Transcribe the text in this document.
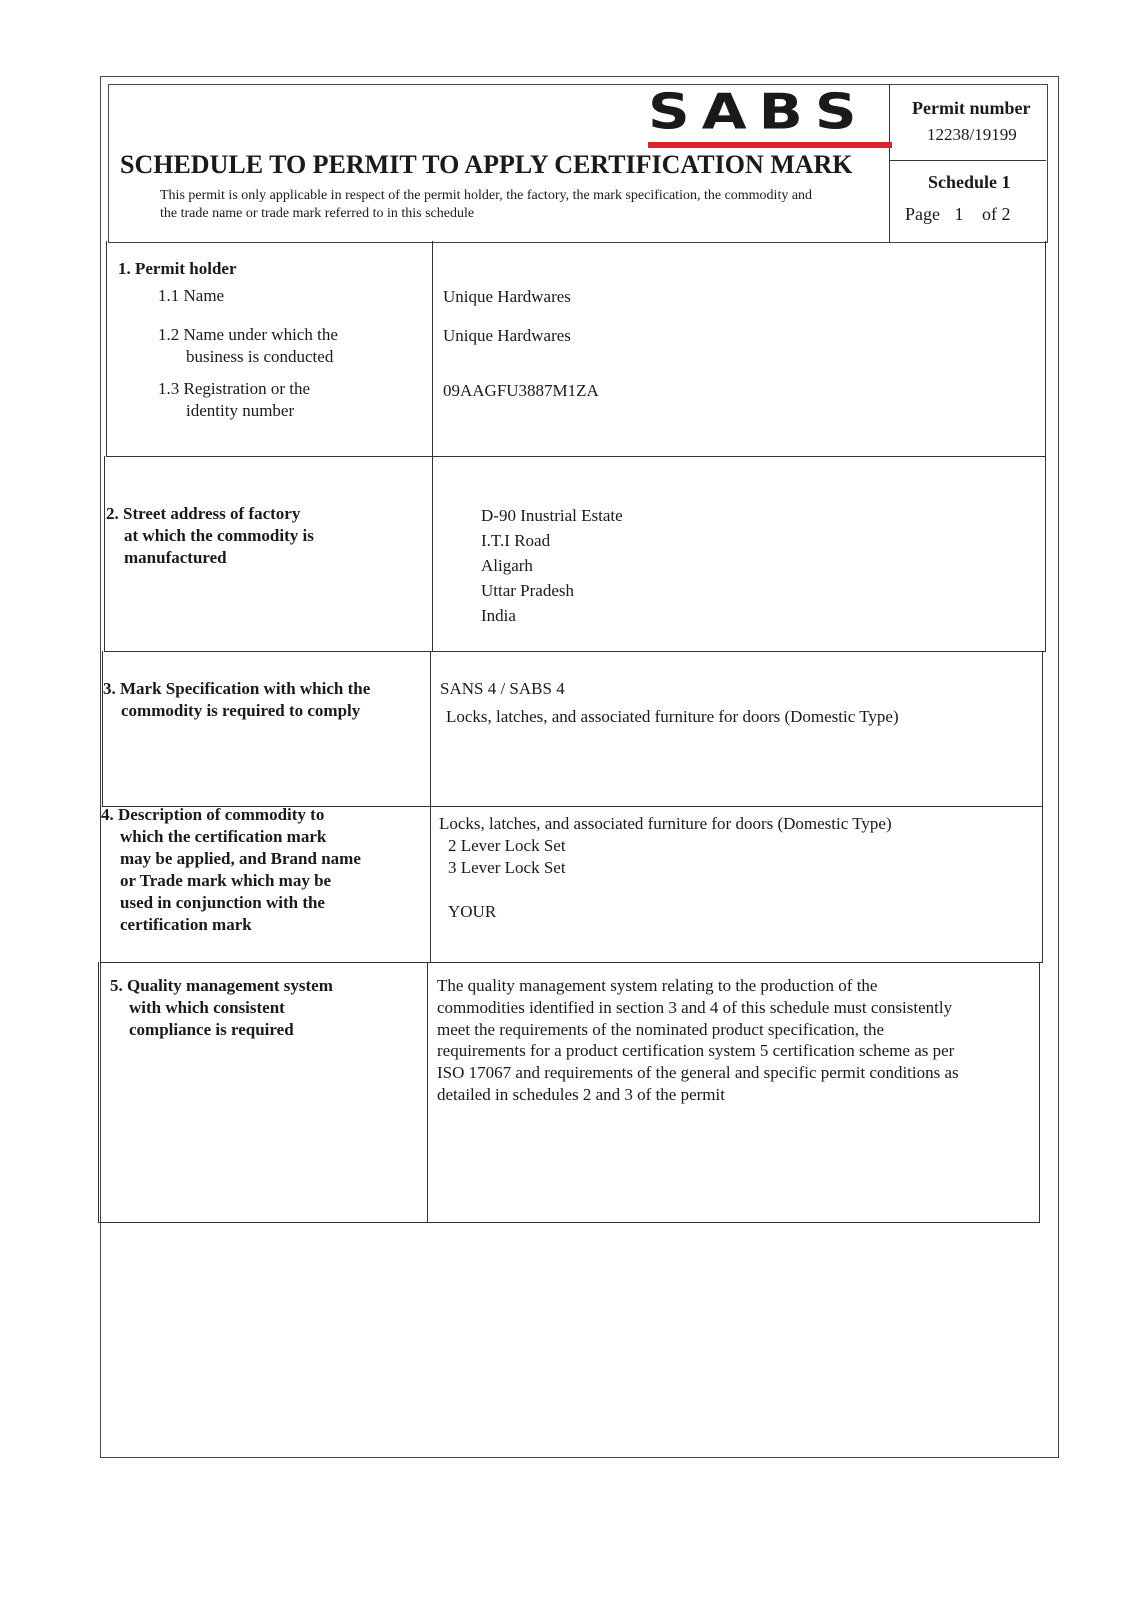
SABS
SCHEDULE TO PERMIT TO APPLY CERTIFICATION MARK
This permit is only applicable in respect of the permit holder, the factory, the mark specification, the commodity and the trade name or trade mark referred to in this schedule
Permit number
12238/19199
Schedule 1
Page 1 of 2
1. Permit holder
1.1 Name	Unique Hardwares
1.2 Name under which the
business is conducted
Unique Hardwares
1.3 Registration or the
identity number
09AAGFU3887M1ZA
2. Street address of factory
at which the commodity is
manufactured
D-90 Inustrial Estate
I.T.I Road
Aligarh
Uttar Pradesh
India
3. Mark Specification with which the
commodity is required to comply
SANS 4 / SABS 4
Locks, latches, and associated furniture for doors (Domestic Type)
4. Description of commodity to
which the certification mark
may be applied, and Brand name
or Trade mark which may be
used in conjunction with the
certification mark
Locks, latches, and associated furniture for doors (Domestic Type)
2 Lever Lock Set
3 Lever Lock Set
YOUR
5. Quality management system
with which consistent
compliance is required
The quality management system relating to the production of the
commodities identified in section 3 and 4 of this schedule must consistently
meet the requirements of the nominated product specification, the
requirements for a product certification system 5 certification scheme as per
ISO 17067 and requirements of the general and specific permit conditions as
detailed in schedules 2 and 3 of the permit
